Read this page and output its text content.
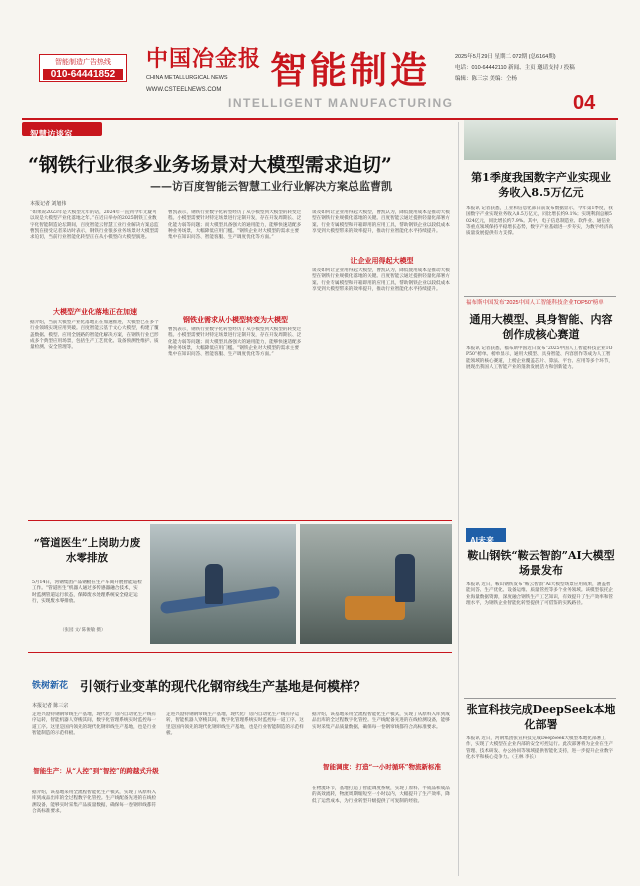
智能制造广告热线
010-64441852
中国冶金报
CHINA METALLURGICAL NEWS
WWW.CSTEELNEWS.COM	智能制造
INTELLIGENT MANUFACTURING
2025年5月29日 星期二 072期 (总6164期)
电话：010-64442110 新闻、主页 邀请支持 / 投稿
编辑：陈三宗 美编：仝杨
04
智慧访谈室
“钢铁行业很多业务场景对大模型需求迫切”
——访百度智能云智慧工业行业解决方案总监曹凯
本报记者 刘旭伟
“如果说2023年是大模型元年的话，2024年一直到今年无疑可以说是大模型产业化落地之年。”在近日举办的2025钢铁工业数字化智能制造论坛期间，百度智能云智慧工业行业解决方案总监曹凯在接受记者采访时表示，钢铁行业很多业务场景对大模型需求迫切，当前行业智能化转型正在从小模型向大模型演进。
大模型产业化落地正在加速
据介绍，当前大模型产业化落地正在加速推进，大模型已在多个行业领域实现应用突破。百度智能云基于文心大模型，构建了覆盖数据、模型、应用全链路的智能化解决方案，在钢铁行业已形成多个典型应用场景，包括生产工艺优化、设备预测性维护、质量检测、安全管理等。
曹凯表示，钢铁行业数字化转型经历了从小模型到大模型的转变过程。小模型需要针对特定场景进行定制开发，存在开发周期长、泛化能力弱等问题；而大模型具备强大的通用能力，能够快速适配多种业务场景，大幅降低应用门槛。“钢铁企业对大模型的需求主要集中在知识问答、智能客服、生产调度优化等方面。”
钢铁业需求从小模型转变为大模型
曹凯表示，钢铁行业数字化转型经历了从小模型到大模型的转变过程。小模型需要针对特定场景进行定制开发，存在开发周期长、泛化能力弱等问题；而大模型具备强大的通用能力，能够快速适配多种业务场景，大幅降低应用门槛。“钢铁企业对大模型的需求主要集中在知识问答、智能客服、生产调度优化等方面。”
谈及如何让企业用得起大模型，曹凯认为，降低使用成本是推动大模型在钢铁行业规模化落地的关键。百度智能云通过提供轻量化部署方案、行业专属模型和开箱即用的应用工具，帮助钢铁企业以较低成本享受到大模型带来的效率提升，推动行业智能化水平持续提升。
让企业用得起大模型
谈及如何让企业用得起大模型，曹凯认为，降低使用成本是推动大模型在钢铁行业规模化落地的关键。百度智能云通过提供轻量化部署方案、行业专属模型和开箱即用的应用工具，帮助钢铁企业以较低成本享受到大模型带来的效率提升，推动行业智能化水平持续提升。
“管道医生”上岗助力废水零排放
5月14日，河钢集团产品钢板在生产车间开展智能巡检工作。“管道医生”机器人通过多传感器融合技术，实时监测管道运行状态，保障废水处理系统安全稳定运行，实现废水零排放。
（张园 文/ 陈俊敏 摄）
铁树新花 引领行业变革的现代化钢帘线生产基地是何模样？
本报记者 陈三宗
走进兴澄特钢钢帘线生产基地，现代化厂房内自动化生产线有序运转，智能机器人穿梭其间，数字化管理系统实时监控每一道工序。这里是国内领先的现代化钢帘线生产基地，也是行业智能制造的示范样板。
智能生产：从“人控”到“智控”的跨越式升级
据介绍，该基地采用全流程智能化生产模式，实现了从原料入库到成品出库的全过程数字化管控。生产线配备先进的在线检测设备，能够实时采集产品质量数据，确保每一卷钢帘线都符合高标准要求。
走进兴澄特钢钢帘线生产基地，现代化厂房内自动化生产线有序运转，智能机器人穿梭其间，数字化管理系统实时监控每一道工序。这里是国内领先的现代化钢帘线生产基地，也是行业智能制造的示范样板。
据介绍，该基地采用全流程智能化生产模式，实现了从原料入库到成品出库的全过程数字化管控。生产线配备先进的在线检测设备，能够实时采集产品质量数据，确保每一卷钢帘线都符合高标准要求。
智能调度：打造“一小时循环”物流新标准
在物流环节，基地打造了智能调度系统，实现了原料、半成品和成品的高效流转，物流周期缩短至一小时以内，大幅提升了生产效率，降低了运营成本，为行业转型升级提供了可复制的经验。
第1季度我国数字产业实现业务收入8.5万亿元
本报讯 记者获悉，工业和信息化部日前发布数据显示，今年第1季度，我国数字产业实现业务收入8.5万亿元，同比增长约9.1%；实现利润总额5024亿元，同比增长约7.9%。其中，电子信息制造业、软件业、通信业等重点领域保持平稳增长态势，数字产业基础进一步夯实，为数字经济高质量发展提供有力支撑。
福布斯中国发布“2025中国人工智能科技企业TOP50”榜单
通用大模型、具身智能、内容创作成核心赛道
本报讯 记者获悉，福布斯中国近日发布“2025中国人工智能科技企业TOP50”榜单。榜单显示，通用大模型、具身智能、内容创作等成为人工智能领域的核心赛道，上榜企业覆盖芯片、算法、平台、应用等多个环节，展现出我国人工智能产业的蓬勃发展活力和创新能力。
AI未来
鞍山钢铁“鞍云智韵”AI大模型场景发布
本报讯 近日，鞍山钢铁发布“鞍云智韵”AI大模型场景应用成果，涵盖智能问答、生产优化、设备运维、质量管控等多个业务领域。该模型依托企业海量数据资源，深度融合钢铁生产工艺知识，有效提升了生产效率和管理水平，为钢铁企业智能化转型提供了可借鉴的实践路径。
张宣科技完成DeepSeek本地化部署
本报讯 近日，河钢集团张宣科技完成DeepSeek大模型本地化部署工作，实现了大模型在企业内部的安全可控运行。此次部署将为企业在生产管理、技术研发、办公协同等领域提供智能化支持，进一步提升企业数字化水平和核心竞争力。（王林 李长）
